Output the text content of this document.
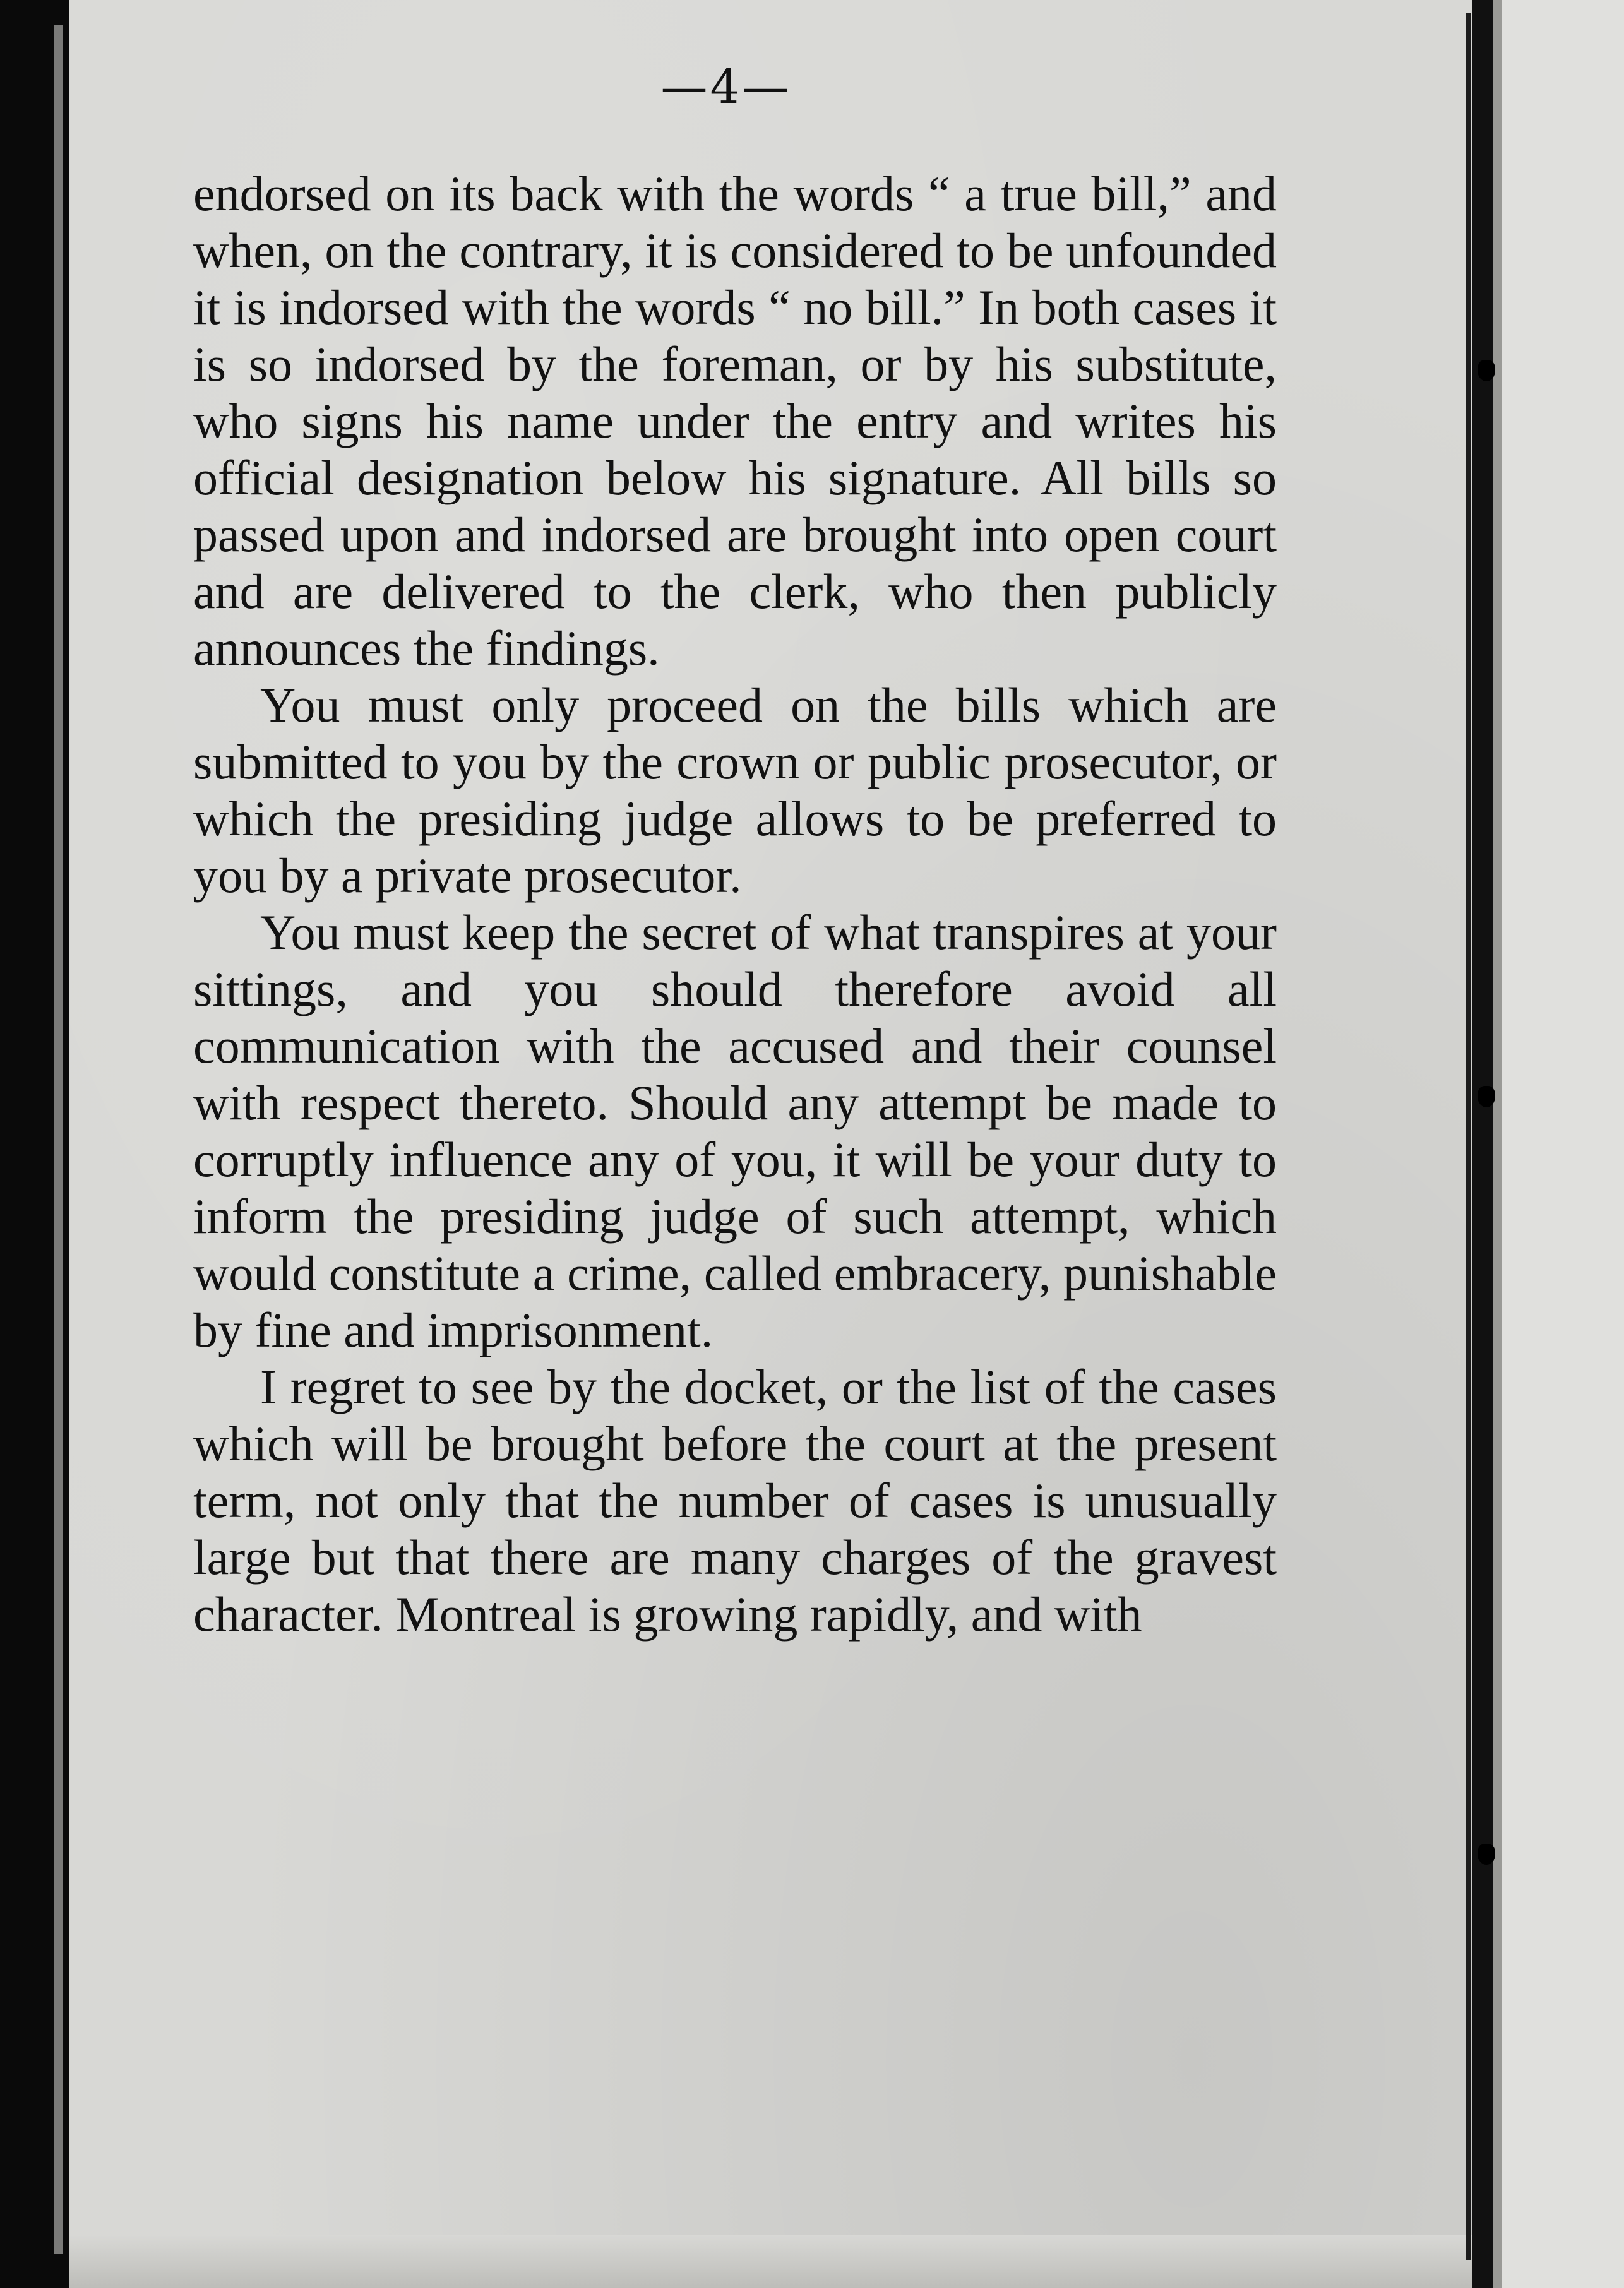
—4—

endorsed on its back with the words “ a true bill,” and when, on the contrary, it is considered to be unfounded it is indorsed with the words “ no bill.” In both cases it is so indorsed by the foreman, or by his substitute, who signs his name under the entry and writes his official designation below his signature. All bills so passed upon and indorsed are brought into open court and are delivered to the clerk, who then publicly announces the findings.

You must only proceed on the bills which are submitted to you by the crown or public prosecutor, or which the presiding judge allows to be preferred to you by a private prosecutor.

You must keep the secret of what transpires at your sittings, and you should therefore avoid all communication with the accused and their counsel with respect thereto. Should any attempt be made to corruptly influence any of you, it will be your duty to inform the presiding judge of such attempt, which would constitute a crime, called embracery, punishable by fine and imprisonment.

I regret to see by the docket, or the list of the cases which will be brought before the court at the present term, not only that the number of cases is unusually large but that there are many charges of the gravest character. Montreal is growing rapidly, and with
